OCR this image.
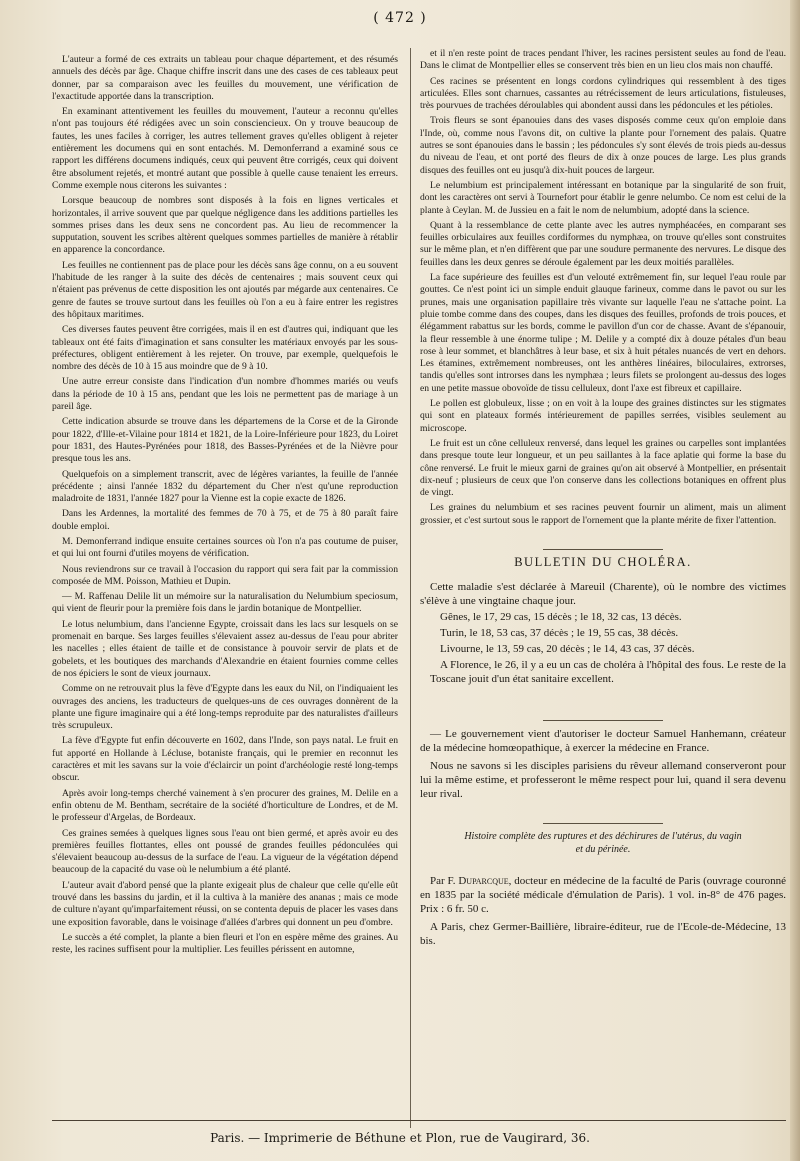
( 472 )

L'auteur a formé de ces extraits un tableau pour chaque département, et des résumés annuels des décès par âge. Chaque chiffre inscrit dans une des cases de ces tableaux peut donner, par sa comparaison avec les feuilles du mouvement, une vérification de l'exactitude apportée dans la transcription.

En examinant attentivement les feuilles du mouvement, l'auteur a reconnu qu'elles n'ont pas toujours été rédigées avec un soin consciencieux. On y trouve beaucoup de fautes, les unes faciles à corriger, les autres tellement graves qu'elles obligent à rejeter entièrement les documens qui en sont entachés. M. Demonferrand a examiné sous ce rapport les différens documens indiqués, ceux qui peuvent être corrigés, ceux qui doivent être absolument rejetés, et montré autant que possible à quelle cause tenaient les erreurs. Comme exemple nous citerons les suivantes :

Lorsque beaucoup de nombres sont disposés à la fois en lignes verticales et horizontales, il arrive souvent que par quelque négligence dans les additions partielles les sommes prises dans les deux sens ne concordent pas. Au lieu de recommencer la supputation, souvent les scribes altèrent quelques sommes partielles de manière à rétablir en apparence la concordance.

Les feuilles ne contiennent pas de place pour les décès sans âge connu, on a eu souvent l'habitude de les ranger à la suite des décès de centenaires ; mais souvent ceux qui n'étaient pas prévenus de cette disposition les ont ajoutés par mégarde aux centenaires. Ce genre de fautes se trouve surtout dans les feuilles où l'on a eu à faire entrer les registres des hôpitaux maritimes.

Ces diverses fautes peuvent être corrigées, mais il en est d'autres qui, indiquant que les tableaux ont été faits d'imagination et sans consulter les matériaux envoyés par les sous-préfectures, obligent entièrement à les rejeter. On trouve, par exemple, quelquefois le nombre des décès de 10 à 15 aus moindre que de 9 à 10.

Une autre erreur consiste dans l'indication d'un nombre d'hommes mariés ou veufs dans la période de 10 à 15 ans, pendant que les lois ne permettent pas de mariage à un pareil âge.

Cette indication absurde se trouve dans les départemens de la Corse et de la Gironde pour 1822, d'Ille-et-Vilaine pour 1814 et 1821, de la Loire-Inférieure pour 1823, du Loiret pour 1831, des Hautes-Pyrénées pour 1818, des Basses-Pyrénées et de la Nièvre pour presque tous les ans.

Quelquefois on a simplement transcrit, avec de légères variantes, la feuille de l'année précédente ; ainsi l'année 1832 du département du Cher n'est qu'une reproduction maladroite de 1831, l'année 1827 pour la Vienne est la copie exacte de 1826.

Dans les Ardennes, la mortalité des femmes de 70 à 75, et de 75 à 80 paraît faire double emploi.

M. Demonferrand indique ensuite certaines sources où l'on n'a pas coutume de puiser, et qui lui ont fourni d'utiles moyens de vérification.

Nous reviendrons sur ce travail à l'occasion du rapport qui sera fait par la commission composée de MM. Poisson, Mathieu et Dupin.

— M. Raffenau Delile lit un mémoire sur la naturalisation du Nelumbium speciosum, qui vient de fleurir pour la première fois dans le jardin botanique de Montpellier.

Le lotus nelumbium, dans l'ancienne Egypte, croissait dans les lacs sur lesquels on se promenait en barque. Ses larges feuilles s'élevaient assez au-dessus de l'eau pour abriter les nacelles ; elles étaient de taille et de consistance à pouvoir servir de plats et de gobelets, et les boutiques des marchands d'Alexandrie en étaient fournies comme celles de nos épiciers le sont de vieux journaux.

Comme on ne retrouvait plus la fève d'Egypte dans les eaux du Nil, on l'indiquaient les ouvrages des anciens, les traducteurs de quelques-uns de ces ouvrages donnèrent de la plante une figure imaginaire qui a été long-temps reproduite par des naturalistes d'ailleurs très scrupuleux.

La fève d'Egypte fut enfin découverte en 1602, dans l'Inde, son pays natal. Le fruit en fut apporté en Hollande à Lécluse, botaniste français, qui le premier en reconnut les caractères et mit les savans sur la voie d'éclaircir un point d'archéologie resté long-temps obscur.

Après avoir long-temps cherché vainement à s'en procurer des graines, M. Delile en a enfin obtenu de M. Bentham, secrétaire de la société d'horticulture de Londres, et de M. le professeur d'Argelas, de Bordeaux.

Ces graines semées à quelques lignes sous l'eau ont bien germé, et après avoir eu des premières feuilles flottantes, elles ont poussé de grandes feuilles pédonculées qui s'élevaient beaucoup au-dessus de la surface de l'eau. La vigueur de la végétation dépend beaucoup de la capacité du vase où le nelumbium a été planté.

L'auteur avait d'abord pensé que la plante exigeait plus de chaleur que celle qu'elle eût trouvé dans les bassins du jardin, et il la cultiva à la manière des ananas ; mais ce mode de culture n'ayant qu'imparfaitement réussi, on se contenta depuis de placer les vases dans une exposition favorable, dans le voisinage d'allées d'arbres qui donnent un peu d'ombre.

Le succès a été complet, la plante a bien fleuri et l'on en espère même des graines. Au reste, les racines suffisent pour la multiplier. Les feuilles périssent en automne,

et il n'en reste point de traces pendant l'hiver, les racines persistent seules au fond de l'eau. Dans le climat de Montpellier elles se conservent très bien en un lieu clos mais non chauffé.

Ces racines se présentent en longs cordons cylindriques qui ressemblent à des tiges articulées. Elles sont charnues, cassantes au rétrécissement de leurs articulations, fistuleuses, très pourvues de trachées déroulables qui abondent aussi dans les pédoncules et les pétioles.

Trois fleurs se sont épanouies dans des vases disposés comme ceux qu'on emploie dans l'Inde, où, comme nous l'avons dit, on cultive la plante pour l'ornement des palais. Quatre autres se sont épanouies dans le bassin ; les pédoncules s'y sont élevés de trois pieds au-dessus du niveau de l'eau, et ont porté des fleurs de dix à onze pouces de large. Les plus grands disques des feuilles ont eu jusqu'à dix-huit pouces de largeur.

Le nelumbium est principalement intéressant en botanique par la singularité de son fruit, dont les caractères ont servi à Tournefort pour établir le genre nelumbo. Ce nom est celui de la plante à Ceylan. M. de Jussieu en a fait le nom de nelumbium, adopté dans la science.

Quant à la ressemblance de cette plante avec les autres nymphéacées, en comparant ses feuilles orbiculaires aux feuilles cordiformes du nymphæa, on trouve qu'elles sont construites sur le même plan, et n'en diffèrent que par une soudure permanente des nervures. Le disque des feuilles dans les deux genres se déroule également par les deux moitiés parallèles.

La face supérieure des feuilles est d'un velouté extrêmement fin, sur lequel l'eau roule par gouttes. Ce n'est point ici un simple enduit glauque farineux, comme dans le pavot ou sur les prunes, mais une organisation papillaire très vivante sur laquelle l'eau ne s'attache point. La pluie tombe comme dans des coupes, dans les disques des feuilles, profonds de trois pouces, et élégamment rabattus sur les bords, comme le pavillon d'un cor de chasse. Avant de s'épanouir, la fleur ressemble à une énorme tulipe ; M. Delile y a compté dix à douze pétales d'un beau rose à leur sommet, et blanchâtres à leur base, et six à huit pétales nuancés de vert en dehors. Les étamines, extrêmement nombreuses, ont les anthères linéaires, biloculaires, extrorses, tandis qu'elles sont introrses dans les nymphæa ; leurs filets se prolongent au-dessus des loges en une petite massue obovoïde de tissu celluleux, dont l'axe est fibreux et capillaire.

Le pollen est globuleux, lisse ; on en voit à la loupe des graines distinctes sur les stigmates qui sont en plateaux formés intérieurement de papilles serrées, visibles seulement au microscope.

Le fruit est un cône celluleux renversé, dans lequel les graines ou carpelles sont implantées dans presque toute leur longueur, et un peu saillantes à la face aplatie qui forme la base du cône renversé. Le fruit le mieux garni de graines qu'on ait observé à Montpellier, en présentait dix-neuf ; plusieurs de ceux que l'on conserve dans les collections botaniques en offrent plus de vingt.

Les graines du nelumbium et ses racines peuvent fournir un aliment, mais un aliment grossier, et c'est surtout sous le rapport de l'ornement que la plante mérite de fixer l'attention.

BULLETIN DU CHOLÉRA.

Cette maladie s'est déclarée à Mareuil (Charente), où le nombre des victimes s'élève à une vingtaine chaque jour.

Gênes, le 17, 29 cas, 15 décès ; le 18, 32 cas, 13 décès.

Turin, le 18, 53 cas, 37 décès ; le 19, 55 cas, 38 décès.

Livourne, le 13, 59 cas, 20 décès ; le 14, 43 cas, 37 décès.

A Florence, le 26, il y a eu un cas de choléra à l'hôpital des fous. Le reste de la Toscane jouit d'un état sanitaire excellent.

— Le gouvernement vient d'autoriser le docteur Samuel Hanhemann, créateur de la médecine homœopathique, à exercer la médecine en France.

Nous ne savons si les disciples parisiens du rêveur allemand conserveront pour lui la même estime, et professeront le même respect pour lui, quand il sera devenu leur rival.

Histoire complète des ruptures et des déchirures de l'utérus, du vagin
et du périnée.

Par F. Duparcque, docteur en médecine de la faculté de Paris (ouvrage couronné en 1835 par la société médicale d'émulation de Paris). 1 vol. in-8° de 476 pages. Prix : 6 fr. 50 c.

A Paris, chez Germer-Baillière, libraire-éditeur, rue de l'Ecole-de-Médecine, 13 bis.

Paris. — Imprimerie de Béthune et Plon, rue de Vaugirard, 36.
